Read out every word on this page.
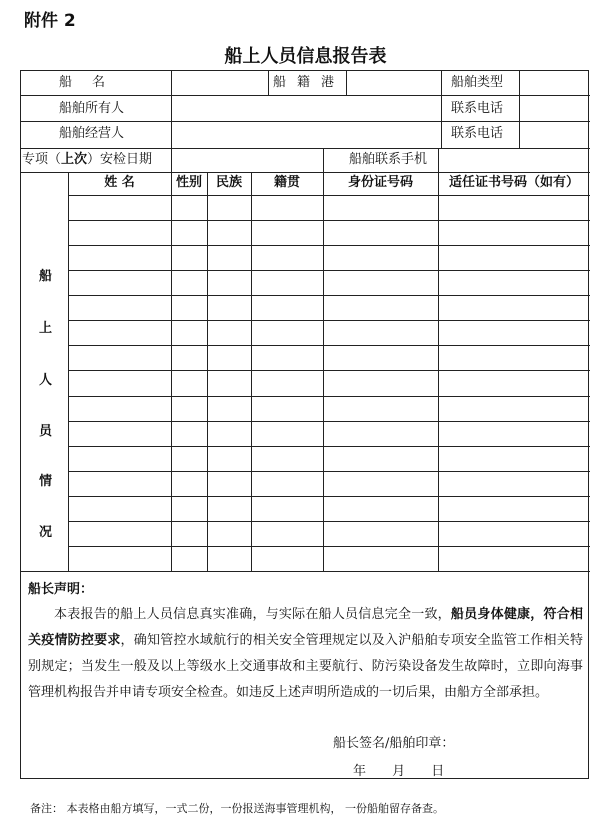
附件 2
船上人员信息报告表
船名	船籍港	船舶类型
船舶所有人	联系电话
船舶经营人	联系电话
专项（上次）安检日期	船舶联系手机
姓 名	性别	民族	籍贯	身份证号码	适任证书号码（如有）
船
上
人
员
情
况
船长声明：
本表报告的船上人员信息真实准确，与实际在船人员信息完全一致，船员身体健康，符合相关疫情防控要求，确知管控水域航行的相关安全管理规定以及入沪船舶专项安全监管工作相关特别规定；当发生一般及以上等级水上交通事故和主要航行、防污染设备发生故障时，立即向海事管理机构报告并申请专项安全检查。如违反上述声明所造成的一切后果，由船方全部承担。
船长签名/船舶印章：
年 月 日
备注： 本表格由船方填写，一式二份，一份报送海事管理机构， 一份船舶留存备查。
